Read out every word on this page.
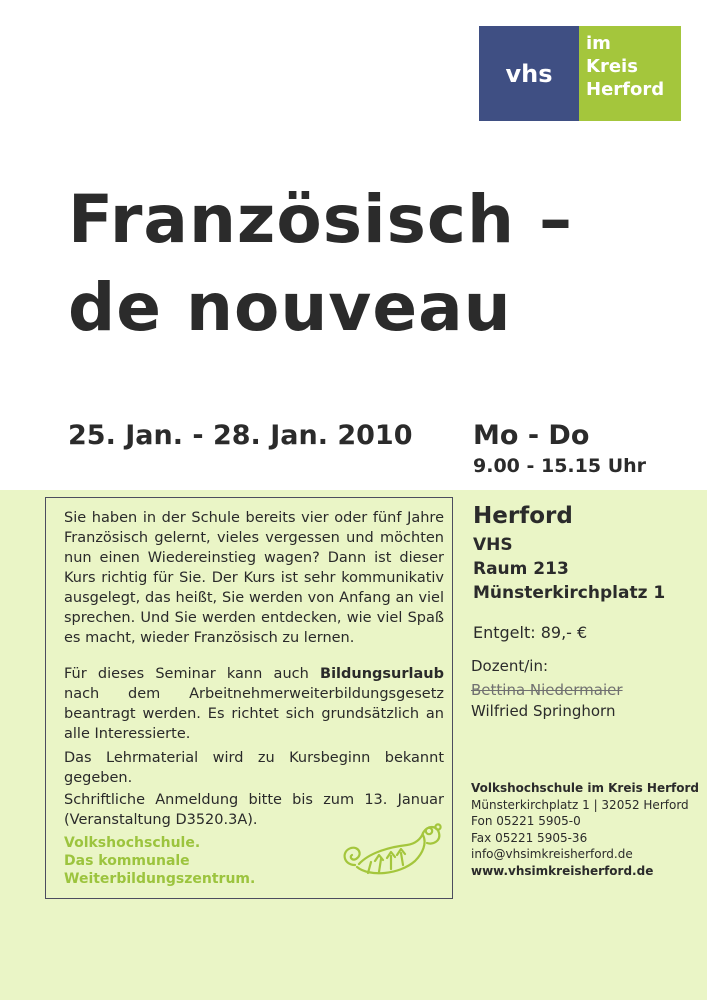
vhs
im
Kreis
Herford
Französisch –
de nouveau
25. Jan. - 28. Jan. 2010 Mo - Do
9.00 - 15.15 Uhr

Sie haben in der Schule bereits vier oder fünf Jahre Französisch gelernt, vieles vergessen und möchten nun einen Wiedereinstieg wagen? Dann ist dieser Kurs richtig für Sie. Der Kurs ist sehr kommunikativ ausgelegt, das heißt, Sie werden von Anfang an viel sprechen. Und Sie werden entdecken, wie viel Spaß es macht, wieder Französisch zu lernen.

Für dieses Seminar kann auch Bildungsurlaub nach dem Arbeitnehmerweiterbildungsgesetz beantragt werden. Es richtet sich grundsätzlich an alle Interessierte.

Das Lehrmaterial wird zu Kursbeginn bekannt gegeben.

Schriftliche Anmeldung bitte bis zum 13. Januar (Veranstaltung D3520.3A).

Volkshochschule.
Das kommunale
Weiterbildungszentrum.
Herford
VHS
Raum 213
Münsterkirchplatz 1
Entgelt: 89,- €
Dozent/in:
Bettina Niedermaier
Wilfried Springhorn
Volkshochschule im Kreis Herford
Münsterkirchplatz 1 | 32052 Herford
Fon 05221 5905-0
Fax 05221 5905-36
info@vhsimkreisherford.de
www.vhsimkreisherford.de
